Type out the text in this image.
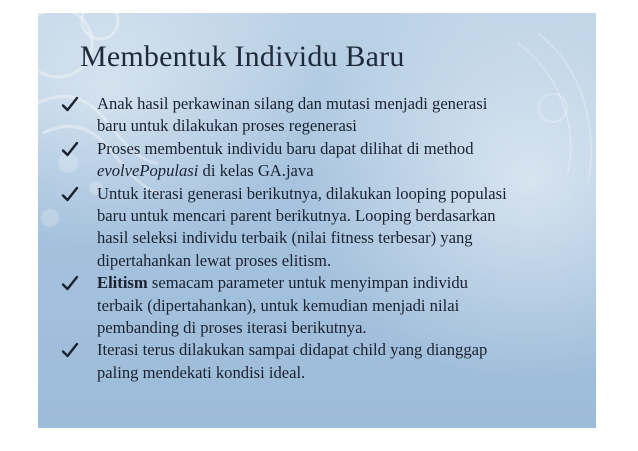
Membentuk Individu Baru
Anak hasil perkawinan silang dan mutasi menjadi generasi
baru untuk dilakukan proses regenerasi
Proses membentuk individu baru dapat dilihat di method
evolvePopulasi di kelas GA.java
Untuk iterasi generasi berikutnya, dilakukan looping populasi
baru untuk mencari parent berikutnya. Looping berdasarkan
hasil seleksi individu terbaik (nilai fitness terbesar) yang
dipertahankan lewat proses elitism.
Elitism semacam parameter untuk menyimpan individu
terbaik (dipertahankan), untuk kemudian menjadi nilai
pembanding di proses iterasi berikutnya.
Iterasi terus dilakukan sampai didapat child yang dianggap
paling mendekati kondisi ideal.
